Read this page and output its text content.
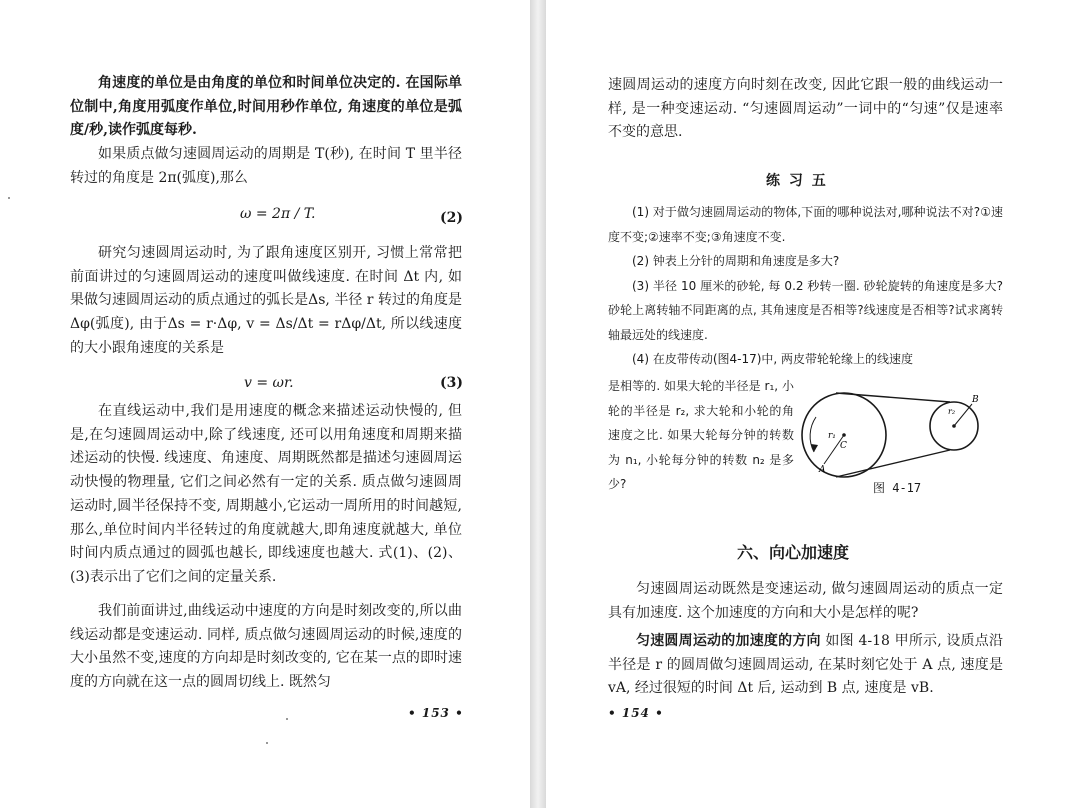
角速度的单位是由角度的单位和时间单位决定的. 在国际单位制中,角度用弧度作单位,时间用秒作单位, 角速度的单位是弧度/秒,读作弧度每秒.

如果质点做匀速圆周运动的周期是 T(秒), 在时间 T 里半径转过的角度是 2π(弧度),那么

ω = 2π / T.	(2)

研究匀速圆周运动时, 为了跟角速度区别开, 习惯上常常把前面讲过的匀速圆周运动的速度叫做线速度. 在时间 Δt 内, 如果做匀速圆周运动的质点通过的弧长是Δs, 半径 r 转过的角度是Δφ(弧度), 由于Δs = r·Δφ, v = Δs/Δt = rΔφ/Δt, 所以线速度的大小跟角速度的关系是

v = ωr.	(3)

在直线运动中,我们是用速度的概念来描述运动快慢的, 但是,在匀速圆周运动中,除了线速度, 还可以用角速度和周期来描述运动的快慢. 线速度、角速度、周期既然都是描述匀速圆周运动快慢的物理量, 它们之间必然有一定的关系. 质点做匀速圆周运动时,圆半径保持不变, 周期越小,它运动一周所用的时间越短,那么,单位时间内半径转过的角度就越大,即角速度就越大, 单位时间内质点通过的圆弧也越长, 即线速度也越大. 式(1)、(2)、(3)表示出了它们之间的定量关系.

我们前面讲过,曲线运动中速度的方向是时刻改变的,所以曲线运动都是变速运动. 同样, 质点做匀速圆周运动的时候,速度的大小虽然不变,速度的方向却是时刻改变的, 它在某一点的即时速度的方向就在这一点的圆周切线上. 既然匀

• 153 •

速圆周运动的速度方向时刻在改变, 因此它跟一般的曲线运动一样, 是一种变速运动. “匀速圆周运动”一词中的“匀速”仅是速率不变的意思.

练 习 五

(1) 对于做匀速圆周运动的物体,下面的哪种说法对,哪种说法不对?①速度不变;②速率不变;③角速度不变.

(2) 钟表上分针的周期和角速度是多大?

(3) 半径 10 厘米的砂轮, 每 0.2 秒转一圈. 砂轮旋转的角速度是多大?砂轮上离转轴不同距离的点, 其角速度是否相等?线速度是否相等?试求离转轴最远处的线速度.

(4) 在皮带传动(图4-17)中, 两皮带轮轮缘上的线速度

是相等的. 如果大轮的半径是 r₁, 小轮的半径是 r₂, 求大轮和小轮的角速度之比. 如果大轮每分钟的转数为 n₁, 小轮每分钟的转数 n₂ 是多少?

r₁
C
A
r₂
B
图 4-17
六、向心加速度

匀速圆周运动既然是变速运动, 做匀速圆周运动的质点一定具有加速度. 这个加速度的方向和大小是怎样的呢?

匀速圆周运动的加速度的方向 如图 4-18 甲所示, 设质点沿半径是 r 的圆周做匀速圆周运动, 在某时刻它处于 A 点, 速度是 vA, 经过很短的时间 Δt 后, 运动到 B 点, 速度是 vB.

• 154 •
